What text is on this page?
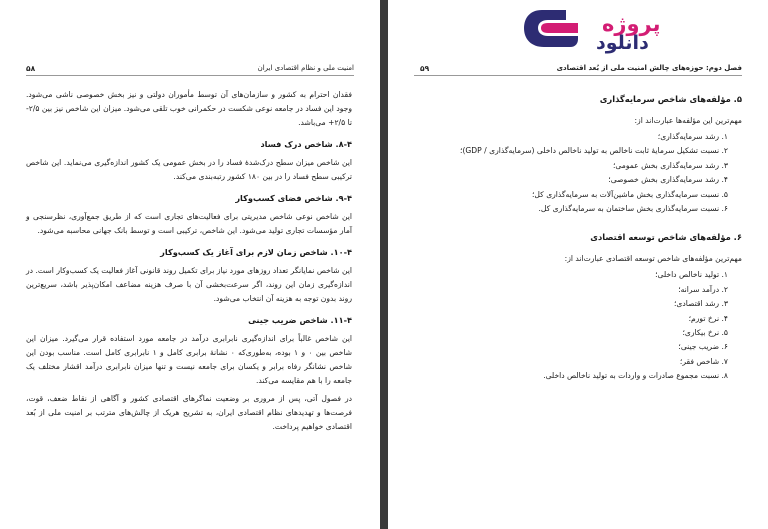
۵۸	امنیت ملی و نظام اقتصادی ایران

فقدان احترام به کشور و سازمان‌های آن توسط مأموران دولتی و نیز بخش خصوصی ناشی می‌شود. وجود این فساد در جامعه نوعی شکست در حکمرانی خوب تلقی می‌شود. میزان این شاخص نیز بین ۲/۵- تا ۲/۵+ می‌باشد.

۸-۴. شاخص درک فساد

این شاخص میزان سطح درک‌شدهٔ فساد را در بخش عمومی یک کشور اندازه‌گیری می‌نماید. این شاخص ترکیبی سطح فساد را در بین ۱۸۰ کشور رتبه‌بندی می‌کند.

۹-۴. شاخص فضای کسب‌وکار

این شاخص نوعی شاخص مدیریتی برای فعالیت‌های تجاری است که از طریق جمع‌آوری، نظرسنجی و آمار مؤسسات تجاری تولید می‌شود. این شاخص، ترکیبی است و توسط بانک جهانی محاسبه می‌شود.

۱۰-۴. شاخص زمان لازم برای آغاز یک کسب‌وکار

این شاخص نمایانگر تعداد روزهای مورد نیاز برای تکمیل روند قانونی آغاز فعالیت یک کسب‌وکار است. در اندازه‌گیری زمان این روند، اگر سرعت‌بخشی آن با صرف هزینه مضاعف امکان‌پذیر باشد، سریع‌ترین روند بدون توجه به هزینه آن انتخاب می‌شود.

۱۱-۴. شاخص ضریب جینی

این شاخص غالباً برای اندازه‌گیری نابرابری درآمد در جامعه مورد استفاده قرار می‌گیرد. میزان این شاخص بین ۰ و ۱ بوده، به‌طوری‌که ۰ نشانهٔ برابری کامل و ۱ نابرابری کامل است. مناسب بودن این شاخص نشانگر رفاه برابر و یکسان برای جامعه نیست و تنها میزان نابرابری درآمد اقشار مختلف یک جامعه را با هم مقایسه می‌کند.

در فصول آتی، پس از مروری بر وضعیت نماگرهای اقتصادی کشور و آگاهی از نقاط ضعف، قوت، فرصت‌ها و تهدیدهای نظام اقتصادی ایران، به تشریح هریک از چالش‌های مترتب بر امنیت ملی از بُعد اقتصادی خواهیم پرداخت.

۵۹	فصل دوم: حوزه‌های چالش امنیت ملی از بُعد اقتصادی
۵. مؤلفه‌های شاخص سرمایه‌گذاری

مهم‌ترین این مؤلفه‌ها عبارت‌اند از:

۱. رشد سرمایه‌گذاری؛
۲. نسبت تشکیل سرمایهٔ ثابت ناخالص به تولید ناخالص داخلی (سرمایه‌گذاری / GDP)؛
۳. رشد سرمایه‌گذاری بخش عمومی؛
۴. رشد سرمایه‌گذاری بخش خصوصی؛
۵. نسبت سرمایه‌گذاری بخش ماشین‌آلات به سرمایه‌گذاری کل؛
۶. نسبت سرمایه‌گذاری بخش ساختمان به سرمایه‌گذاری کل.
۶. مؤلفه‌های شاخص توسعه اقتصادی

مهم‌ترین مؤلفه‌های شاخص توسعه اقتصادی عبارت‌اند از:

۱. تولید ناخالص داخلی؛
۲. درآمد سرانه؛
۳. رشد اقتصادی؛
۴. نرخ تورم؛
۵. نرخ بیکاری؛
۶. ضریب جینی؛
۷. شاخص فقر؛
۸. نسبت مجموع صادرات و واردات به تولید ناخالص داخلی.
پروژه
دانلود
